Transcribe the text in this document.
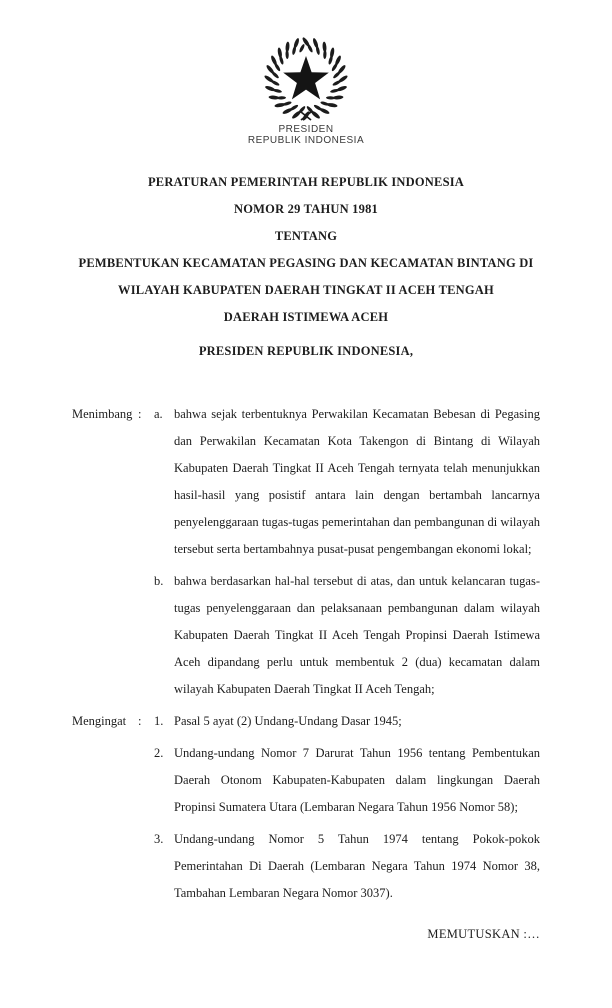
PRESIDEN
REPUBLIK INDONESIA
PERATURAN PEMERINTAH REPUBLIK INDONESIA
NOMOR 29 TAHUN 1981
TENTANG
PEMBENTUKAN KECAMATAN PEGASING DAN KECAMATAN BINTANG DI
WILAYAH KABUPATEN DAERAH TINGKAT II ACEH TENGAH
DAERAH ISTIMEWA ACEH
PRESIDEN REPUBLIK INDONESIA,
Menimbang :	a. bahwa sejak terbentuknya Perwakilan Kecamatan Bebesan di Pegasing dan Perwakilan Kecamatan Kota Takengon di Bintang di Wilayah Kabupaten Daerah Tingkat II Aceh Tengah ternyata telah menunjukkan hasil-hasil yang posistif antara lain dengan bertambah lancarnya penyelenggaraan tugas-tugas pemerintahan dan pembangunan di wilayah tersebut serta bertambahnya pusat-pusat pengembangan ekonomi lokal;

b. bahwa berdasarkan hal-hal tersebut di atas, dan untuk kelancaran tugas-tugas penyelenggaraan dan pelaksanaan pembangunan dalam wilayah Kabupaten Daerah Tingkat II Aceh Tengah Propinsi Daerah Istimewa Aceh dipandang perlu untuk membentuk 2 (dua) kecamatan dalam wilayah Kabupaten Daerah Tingkat II Aceh Tengah;

Mengingat :	1. Pasal 5 ayat (2) Undang-Undang Dasar 1945;

2. Undang-undang Nomor 7 Darurat Tahun 1956 tentang Pembentukan Daerah Otonom Kabupaten-Kabupaten dalam lingkungan Daerah Propinsi Sumatera Utara (Lembaran Negara Tahun 1956 Nomor 58);

3. Undang-undang Nomor 5 Tahun 1974 tentang Pokok-pokok Pemerintahan Di Daerah (Lembaran Negara Tahun 1974 Nomor 38, Tambahan Lembaran Negara Nomor 3037).

MEMUTUSKAN :…
